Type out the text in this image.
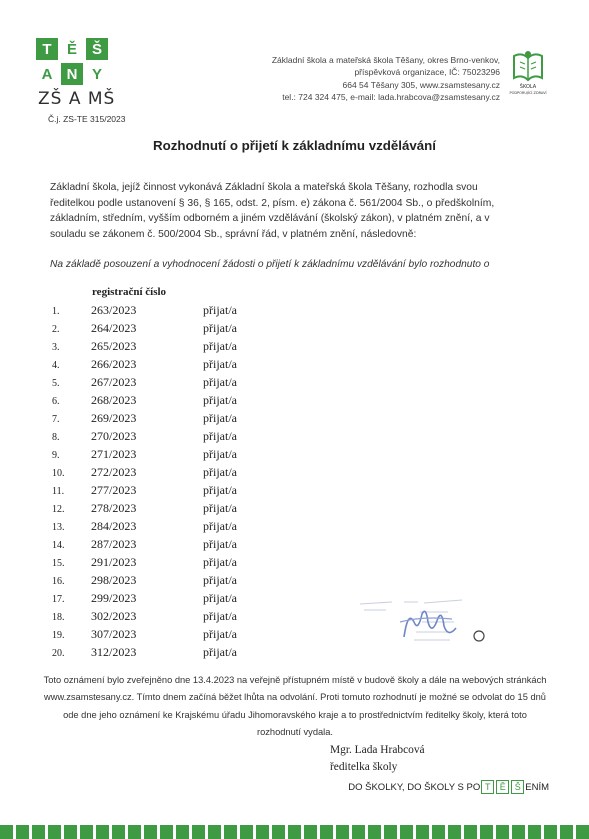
T	Ě Š
A N Y
ZŠ A MŠ
Č.j. ZS-TE 315/2023
Základní škola a mateřská škola Těšany, okres Brno-venkov,
příspěvková organizace, IČ: 75023296
664 54 Těšany 305, www.zsamstesany.cz
tel.: 724 324 475, e-mail: lada.hrabcova@zsamstesany.cz
ŠKOLA
PODPORUJÍCÍ ZDRAVÍ
Rozhodnutí o přijetí k základnímu vzdělávání
Základní škola, jejíž činnost vykonává Základní škola a mateřská škola Těšany, rozhodla svou ředitelkou podle ustanovení § 36, § 165, odst. 2, písm. e) zákona č. 561/2004 Sb., o předškolním, základním, středním, vyšším odborném a jiném vzdělávání (školský zákon), v platném znění, a v souladu se zákonem č. 500/2004 Sb., správní řád, v platném znění, následovně:
Na základě posouzení a vyhodnocení žádosti o přijetí k základnímu vzdělávání bylo rozhodnuto o
registrační číslo
1.	263/2023	přijat/a
2.	264/2023	přijat/a
3.	265/2023	přijat/a
4.	266/2023	přijat/a
5.	267/2023	přijat/a
6.	268/2023	přijat/a
7.	269/2023	přijat/a
8.	270/2023	přijat/a
9.	271/2023	přijat/a
10. 272/2023	přijat/a
11. 277/2023	přijat/a
12. 278/2023	přijat/a
13. 284/2023	přijat/a
14. 287/2023	přijat/a
15. 291/2023	přijat/a
16. 298/2023	přijat/a
17. 299/2023	přijat/a
18. 302/2023	přijat/a
19. 307/2023	přijat/a
20. 312/2023	přijat/a
Toto oznámení bylo zveřejněno dne 13.4.2023 na veřejně přístupném místě v budově školy a dále na webových stránkách www.zsamstesany.cz. Tímto dnem začíná běžet lhůta na odvolání. Proti tomuto rozhodnutí je možné se odvolat do 15 dnů ode dne jeho oznámení ke Krajskému úřadu Jihomoravského kraje a to prostřednictvím ředitelky školy, která toto rozhodnutí vydala.
Mgr. Lada Hrabcová
ředitelka školy
DO ŠKOLKY, DO ŠKOLY S PO T	Ě Š ENÍM
